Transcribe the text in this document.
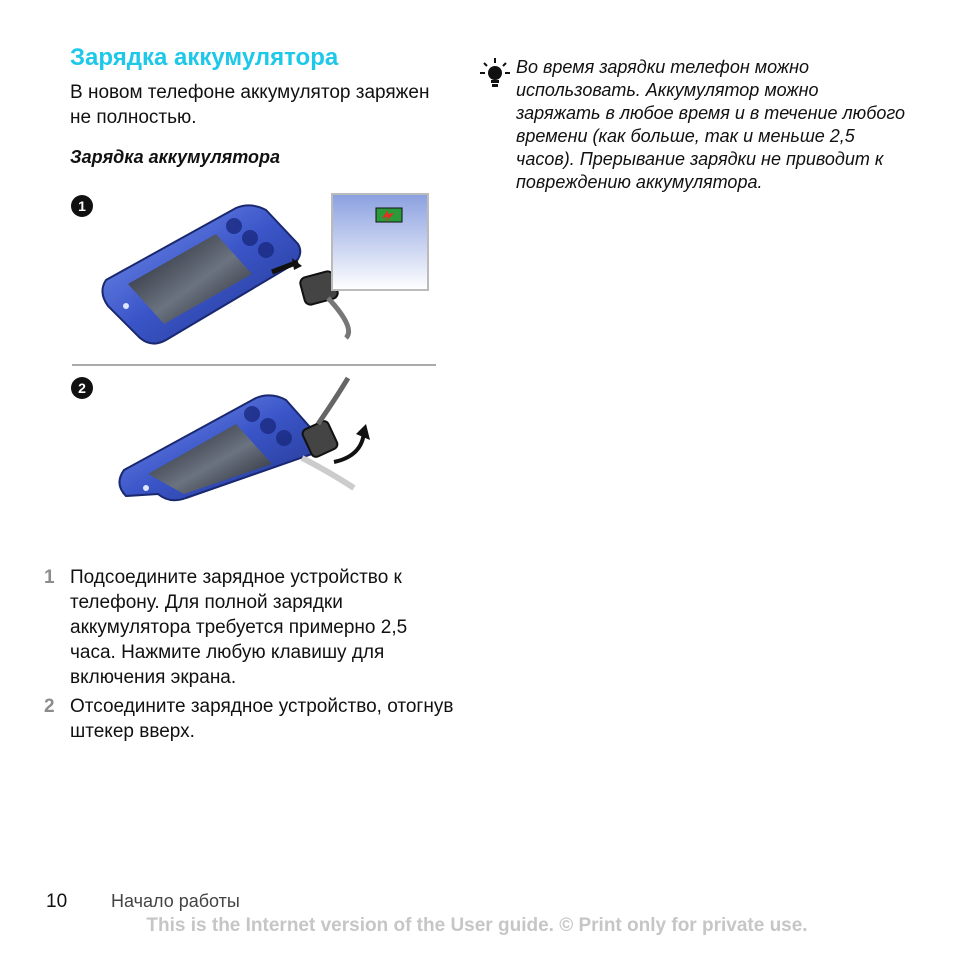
Зарядка аккумулятора
В новом телефоне аккумулятор заряжен не полностью.
Зарядка аккумулятора
1
2
1 Подсоедините зарядное устройство к телефону. Для полной зарядки аккумулятора требуется примерно 2,5 часа. Нажмите любую клавишу для включения экрана.
2 Отсоедините зарядное устройство, отогнув штекер вверх.
Во время зарядки телефон можно использовать. Аккумулятор можно заряжать в любое время и в течение любого времени (как больше, так и меньше 2,5 часов). Прерывание зарядки не приводит к повреждению аккумулятора.
10 Начало работы
This is the Internet version of the User guide. © Print only for private use.
